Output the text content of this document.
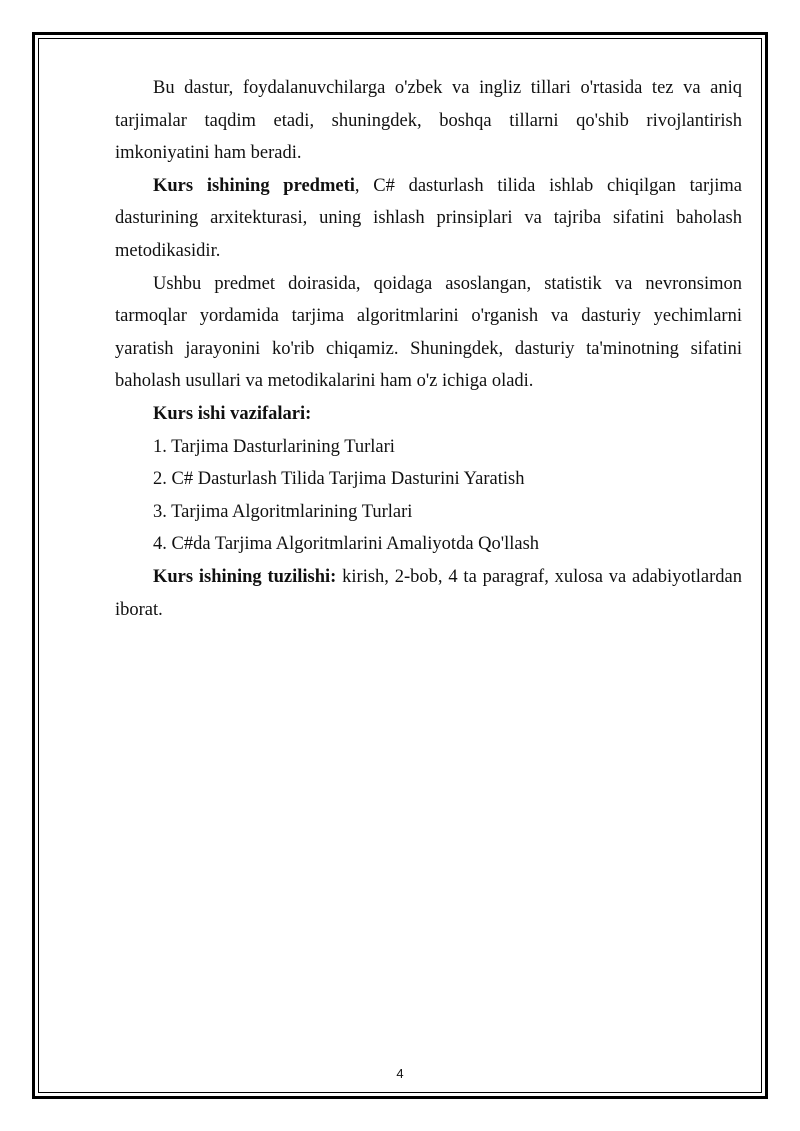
Bu dastur, foydalanuvchilarga o'zbek va ingliz tillari o'rtasida tez va aniq tarjimalar taqdim etadi, shuningdek, boshqa tillarni qo'shib rivojlantirish imkoniyatini ham beradi.

Kurs ishining predmeti, C# dasturlash tilida ishlab chiqilgan tarjima dasturining arxitekturasi, uning ishlash prinsiplari va tajriba sifatini baholash metodikasidir.

Ushbu predmet doirasida, qoidaga asoslangan, statistik va nevronsimon tarmoqlar yordamida tarjima algoritmlarini o'rganish va dasturiy yechimlarni yaratish jarayonini ko'rib chiqamiz. Shuningdek, dasturiy ta'minotning sifatini baholash usullari va metodikalarini ham o'z ichiga oladi.

Kurs ishi vazifalari:

1. Tarjima Dasturlarining Turlari

2. C# Dasturlash Tilida Tarjima Dasturini Yaratish

3. Tarjima Algoritmlarining Turlari

4. C#da Tarjima Algoritmlarini Amaliyotda Qo'llash

Kurs ishining tuzilishi: kirish, 2-bob, 4 ta paragraf, xulosa va adabiyotlardan iborat.

4
